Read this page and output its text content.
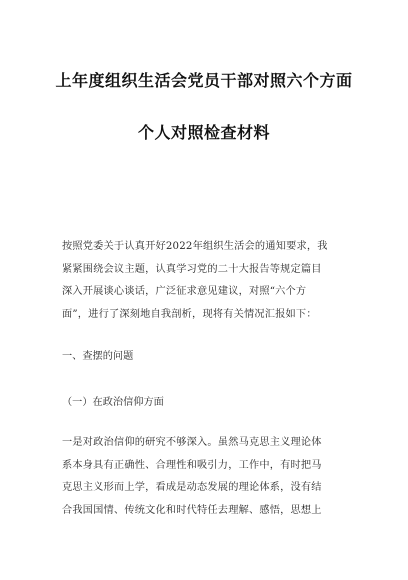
上年度组织生活会党员干部对照六个方面
个人对照检查材料
按照党委关于认真开好2022年组织生活会的通知要求，我
紧紧围绕会议主题，认真学习党的二十大报告等规定篇目
深入开展谈心谈话，广泛征求意见建议，对照“六个方
面”，进行了深刻地自我剖析，现将有关情况汇报如下：
一、查摆的问题
（一）在政治信仰方面
一是对政治信仰的研究不够深入。虽然马克思主义理论体
系本身具有正确性、合理性和吸引力，工作中，有时把马
克思主义形而上学，看成是动态发展的理论体系，没有结
合我国国情、传统文化和时代特任去理解、感悟，思想上
